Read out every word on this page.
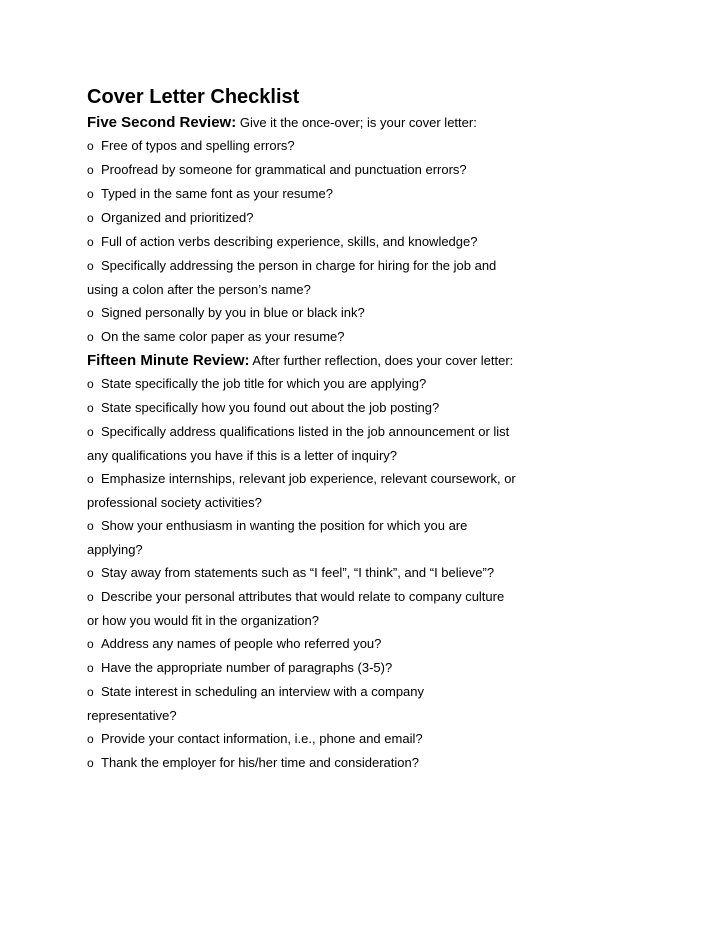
Cover Letter Checklist
Five Second Review: Give it the once-over; is your cover letter:
o Free of typos and spelling errors?
o Proofread by someone for grammatical and punctuation errors?
o Typed in the same font as your resume?
o Organized and prioritized?
o Full of action verbs describing experience, skills, and knowledge?
o Specifically addressing the person in charge for hiring for the job and using a colon after the person’s name?
o Signed personally by you in blue or black ink?
o On the same color paper as your resume?
Fifteen Minute Review: After further reflection, does your cover letter:
o State specifically the job title for which you are applying?
o State specifically how you found out about the job posting?
o Specifically address qualifications listed in the job announcement or list any qualifications you have if this is a letter of inquiry?
o Emphasize internships, relevant job experience, relevant coursework, or professional society activities?
o Show your enthusiasm in wanting the position for which you are applying?
o Stay away from statements such as “I feel”, “I think”, and “I believe”?
o Describe your personal attributes that would relate to company culture or how you would fit in the organization?
o Address any names of people who referred you?
o Have the appropriate number of paragraphs (3-5)?
o State interest in scheduling an interview with a company representative?
o Provide your contact information, i.e., phone and email?
o Thank the employer for his/her time and consideration?
